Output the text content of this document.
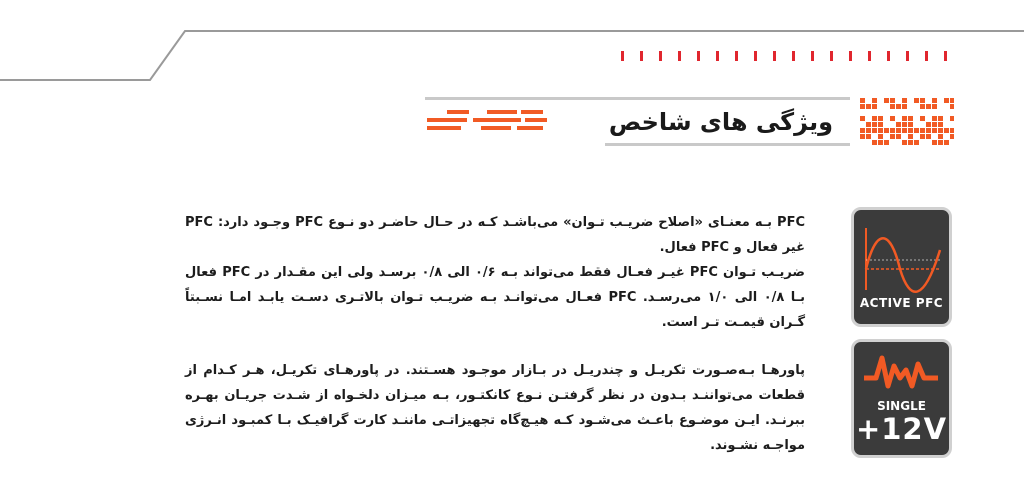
ویژگی های شاخص

PFC بـه معنـای «اصلاح ضریـب تـوان» می‌باشـد کـه در حـال حاضـر دو نـوع PFC وجـود دارد: PFC غیر فعال و PFC فعال.

ضریـب تـوان PFC غیـر فعـال فقط می‌تواند بـه ۰/۶ الی ۰/۸ برسـد ولی این مقـدار در PFC فعال بـا ۰/۸ الی ۱/۰ می‌رسـد. PFC فعـال می‌توانـد بـه ضریـب تـوان بالاتـری دسـت یابـد امـا نسـبتاً گـران قیمـت تـر است.

پاورهـا بـه‌صـورت تکریـل و چندریـل در بـازار موجـود هسـتند. در پاورهـای تکریـل، هـر کـدام از قطعات می‌تواننـد بـدون در نظر گرفتـن نـوع کانکتـور، بـه میـزان دلخـواه از شـدت جریـان بهـره ببرنـد. ایـن موضـوع باعـث می‌شـود کـه هیـچ‌گاه تجهیزاتـی ماننـد کارت گرافیـک بـا کمبـود انـرژی مواجـه نشـوند.

ACTIVE PFC
SINGLE
+12V
